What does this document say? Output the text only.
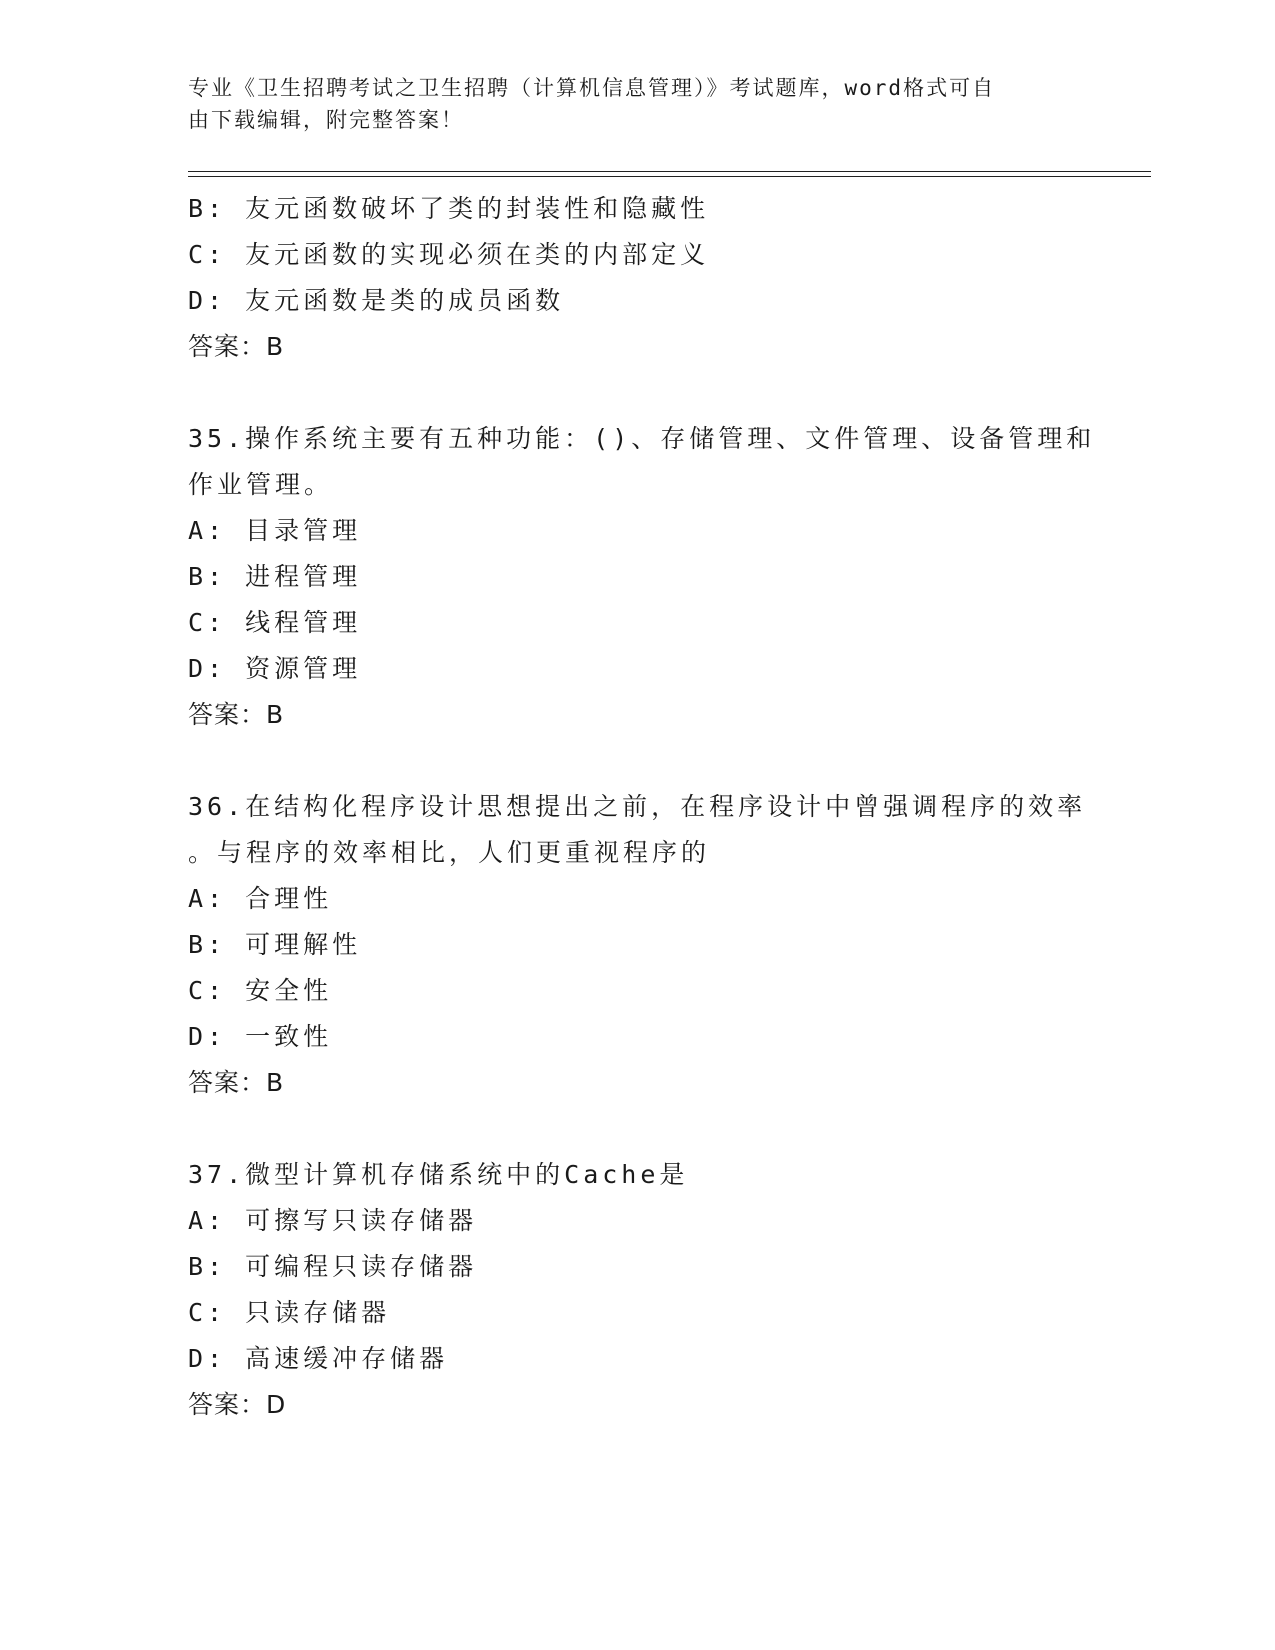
专业《卫生招聘考试之卫生招聘（计算机信息管理）》考试题库，word格式可自
由下载编辑，附完整答案！
B: 友元函数破坏了类的封装性和隐藏性
C: 友元函数的实现必须在类的内部定义
D: 友元函数是类的成员函数
答案：B
35.操作系统主要有五种功能：()、存储管理、文件管理、设备管理和
作业管理。
A: 目录管理
B: 进程管理
C: 线程管理
D: 资源管理
答案：B
36.在结构化程序设计思想提出之前，在程序设计中曾强调程序的效率
。与程序的效率相比，人们更重视程序的
A: 合理性
B: 可理解性
C: 安全性
D: 一致性
答案：B
37.微型计算机存储系统中的Cache是
A: 可擦写只读存储器
B: 可编程只读存储器
C: 只读存储器
D: 高速缓冲存储器
答案：D
